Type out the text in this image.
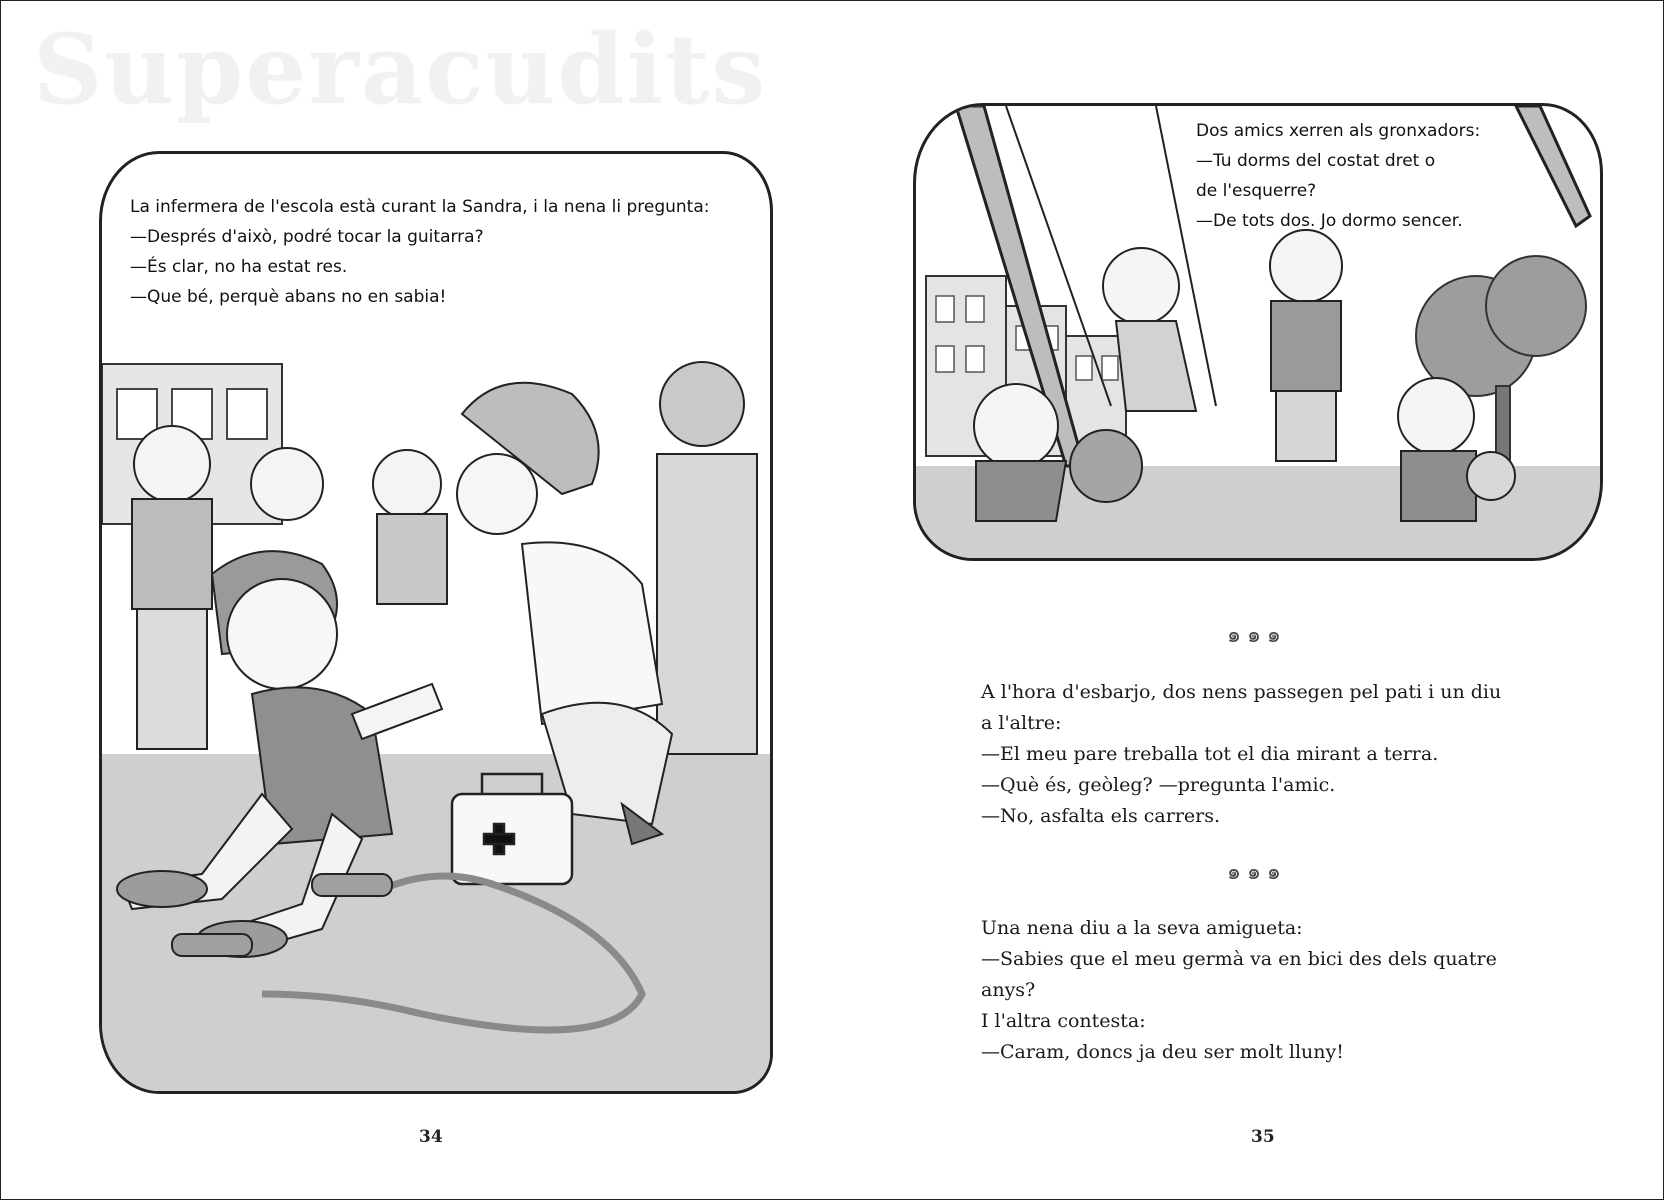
Superacudits
La infermera de l'escola està curant la Sandra, i la nena li pregunta:
—Després d'això, podré tocar la guitarra?
—És clar, no ha estat res.
—Que bé, perquè abans no en sabia!
34
Dos amics xerren als gronxadors:
—Tu dorms del costat dret o
de l'esquerre?
—De tots dos. Jo dormo sencer.
๑๑๑
A l'hora d'esbarjo, dos nens passegen pel pati i un diu
a l'altre:
—El meu pare treballa tot el dia mirant a terra.
—Què és, geòleg? —pregunta l'amic.
—No, asfalta els carrers.
๑๑๑
Una nena diu a la seva amigueta:
—Sabies que el meu germà va en bici des dels quatre
anys?
I l'altra contesta:
—Caram, doncs ja deu ser molt lluny!
35
